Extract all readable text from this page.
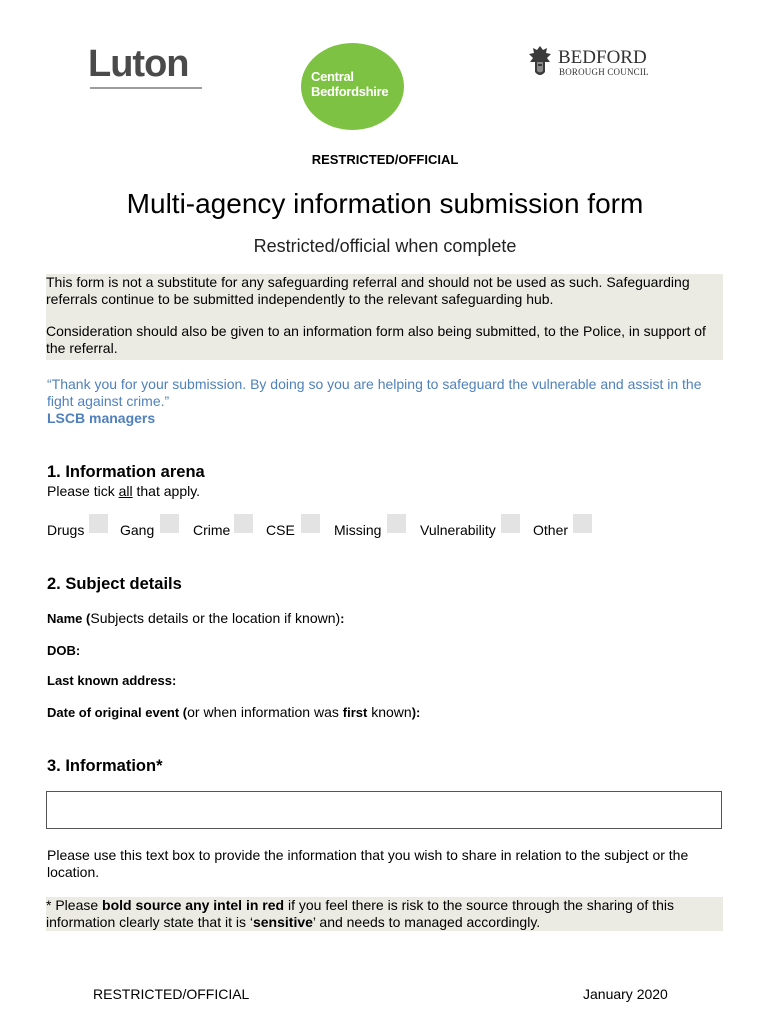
Luton	Central
Bedfordshire
BEDFORD
BOROUGH COUNCIL
RESTRICTED/OFFICIAL
Multi-agency information submission form
Restricted/official when complete

This form is not a substitute for any safeguarding referral and should not be used as such. Safeguarding referrals continue to be submitted independently to the relevant safeguarding hub.

Consideration should also be given to an information form also being submitted, to the Police, in support of the referral.

“Thank you for your submission. By doing so you are helping to safeguard the vulnerable and assist in the fight against crime.”
LSCB managers
1. Information arena
Please tick all that apply.
Drugs	Gang	Crime	CSE	Missing	Vulnerability	Other
2. Subject details
Name (Subjects details or the location if known):
DOB:
Last known address:
Date of original event (or when information was first known):
3. Information*
Please use this text box to provide the information that you wish to share in relation to the subject or the location.
* Please bold source any intel in red if you feel there is risk to the source through the sharing of this information clearly state that it is ‘sensitive’ and needs to managed accordingly.
RESTRICTED/OFFICIAL	January 2020
